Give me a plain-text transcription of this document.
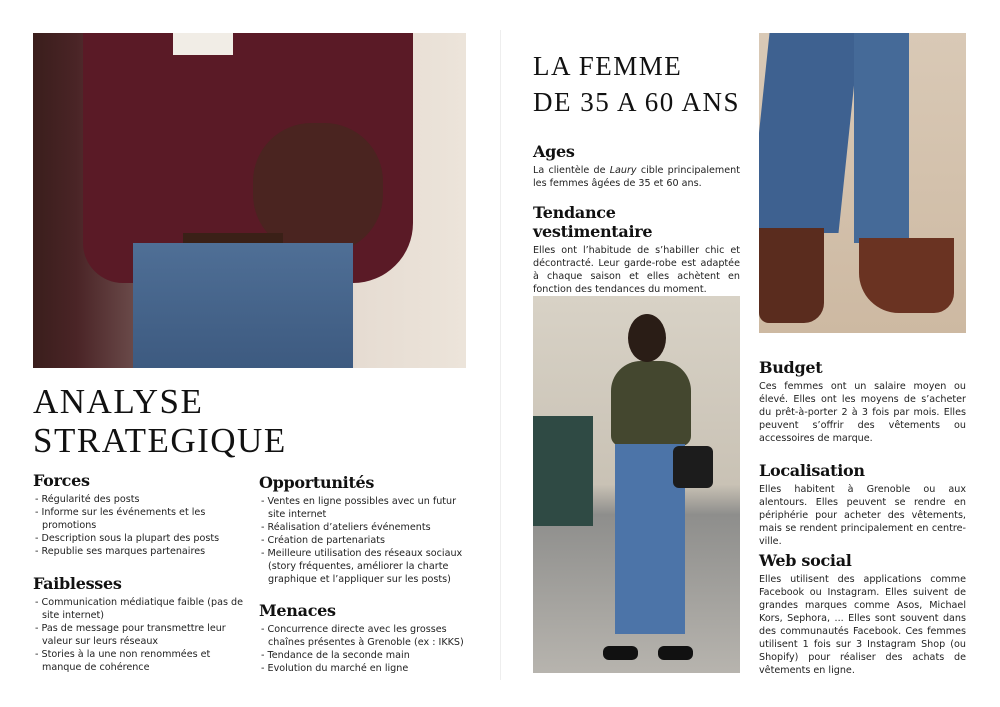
ANALYSE
STRATEGIQUE
Forces
- Régularité des posts
- Informe sur les événements et les promotions
- Description sous la plupart des posts
- Republie ses marques partenaires
Faiblesses
- Communication médiatique faible (pas de site internet)
- Pas de message pour transmettre leur valeur sur leurs réseaux
- Stories à la une non renommées et manque de cohérence
Opportunités
- Ventes en ligne possibles avec un futur site internet
- Réalisation d’ateliers événements
- Création de partenariats
- Meilleure utilisation des réseaux sociaux (story fréquentes, améliorer la charte graphique et l’appliquer sur les posts)
Menaces
- Concurrence directe avec les grosses chaînes présentes à Grenoble (ex : IKKS)
- Tendance de la seconde main
- Evolution du marché en ligne
LA FEMME
DE 35 A 60 ANS
Ages

La clientèle de Laury cible principalement les femmes âgées de 35 et 60 ans.

Tendance vestimentaire

Elles ont l’habitude de s’habiller chic et décontracté. Leur garde-robe est adaptée à chaque saison et elles achètent en fonction des tendances du moment.

Budget

Ces femmes ont un salaire moyen ou élevé. Elles ont les moyens de s’acheter du prêt-à-porter 2 à 3 fois par mois. Elles peuvent s’offrir des vêtements ou accessoires de marque.

Localisation

Elles habitent à Grenoble ou aux alentours. Elles peuvent se rendre en périphérie pour acheter des vêtements, mais se rendent principalement en centre-ville.

Web social

Elles utilisent des applications comme Facebook ou Instagram. Elles suivent de grandes marques comme Asos, Michael Kors, Sephora, ... Elles sont souvent dans des communautés Facebook. Ces femmes utilisent 1 fois sur 3 Instagram Shop (ou Shopify) pour réaliser des achats de vêtements en ligne.
